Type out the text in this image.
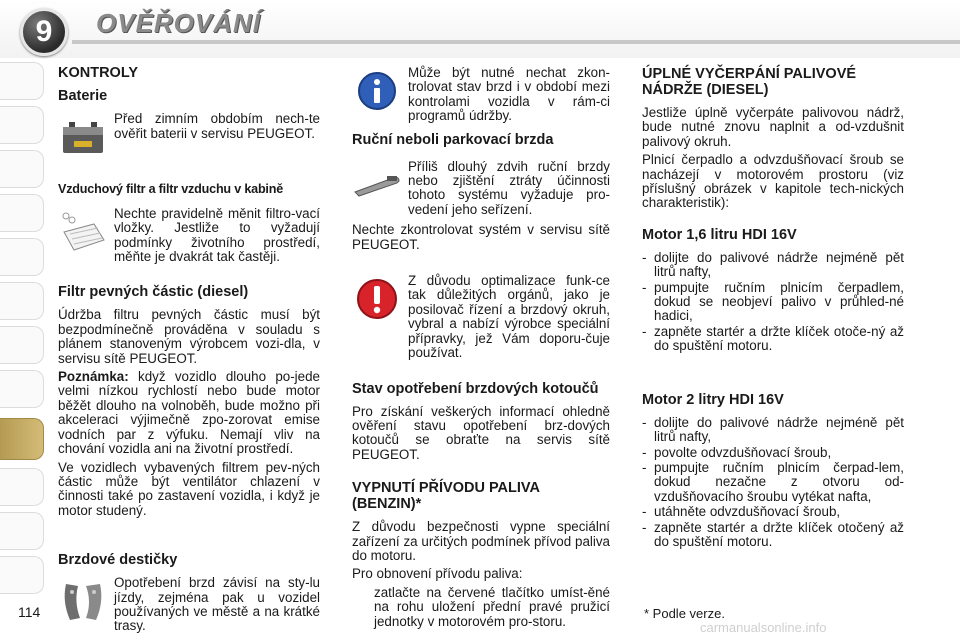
9	OVĚŘOVÁNÍ
114
KONTROLY
Baterie
Před zimním obdobím nech-te ověřit baterii v servisu PEUGEOT.
Vzduchový filtr a filtr vzduchu v kabině
Nechte pravidelně měnit filtro-vací vložky. Jestliže to vyžadují podmínky životního prostředí, měňte je dvakrát tak častěji.
Filtr pevných částic (diesel)

Údržba filtru pevných částic musí být bezpodmínečně prováděna v souladu s plánem stanoveným výrobcem vozi-dla, v servisu sítě PEUGEOT.

Poznámka: když vozidlo dlouho po-jede velmi nízkou rychlostí nebo bude motor běžět dlouho na volnoběh, bude možno při akceleraci výjimečně zpo-zorovat emise vodních par z výfuku. Nemají vliv na chování vozidla ani na životní prostředí.

Ve vozidlech vybavených filtrem pev-ných částic může být ventilátor chlazení v činnosti také po zastavení vozidla, i když je motor studený.

Brzdové destičky
Opotřebení brzd závisí na sty-lu jízdy, zejména pak u vozidel používaných ve městě a na krátké trasy.
Může být nutné nechat zkon-trolovat stav brzd i v období mezi kontrolami vozidla v rám-ci programů údržby.
Ruční neboli parkovací brzda
Příliš dlouhý zdvih ruční brzdy nebo zjištění ztráty účinnosti tohoto systému vyžaduje pro-vedení jeho seřízení.

Nechte zkontrolovat systém v servisu sítě PEUGEOT.

Z důvodu optimalizace funk-ce tak důležitých orgánů, jako je posilovač řízení a brzdový okruh, vybral a nabízí výrobce speciální přípravky, jež Vám doporu-čuje používat.
Stav opotřebení brzdových kotoučů

Pro získání veškerých informací ohledně ověření stavu opotřebení brz-dových kotoučů se obraťte na servis sítě PEUGEOT.

VYPNUTÍ PŘÍVODU PALIVA (BENZIN)*

Z důvodu bezpečnosti vypne speciální zařízení za určitých podmínek přívod paliva do motoru.

Pro obnovení přívodu paliva:

zatlačte na červené tlačítko umíst-ěné na rohu uložení přední pravé pružicí jednotky v motorovém pro-storu.
ÚPLNÉ VYČERPÁNÍ PALIVOVÉ NÁDRŽE (DIESEL)

Jestliže úplně vyčerpáte palivovou nádrž, bude nutné znovu naplnit a od-vzdušnit palivový okruh.

Plnicí čerpadlo a odvzdušňovací šroub se nacházejí v motorovém prostoru (viz příslušný obrázek v kapitole tech-nických charakteristik):

Motor 1,6 litru HDI 16V
- dolijte do palivové nádrže nejméně pět litrů nafty,
- pumpujte ručním plnicím čerpadlem, dokud se neobjeví palivo v průhled-né hadici,
- zapněte startér a držte klíček otoče-ný až do spuštění motoru.
Motor 2 litry HDI 16V
- dolijte do palivové nádrže nejméně pět litrů nafty,
- povolte odvzdušňovací šroub,
- pumpujte ručním plnicím čerpad-lem, dokud nezačne z otvoru od-vzdušňovacího šroubu vytékat nafta,
- utáhněte odvzdušňovací šroub,
- zapněte startér a držte klíček otočený až do spuštění motoru.
* Podle verze.
carmanualsonline.info
